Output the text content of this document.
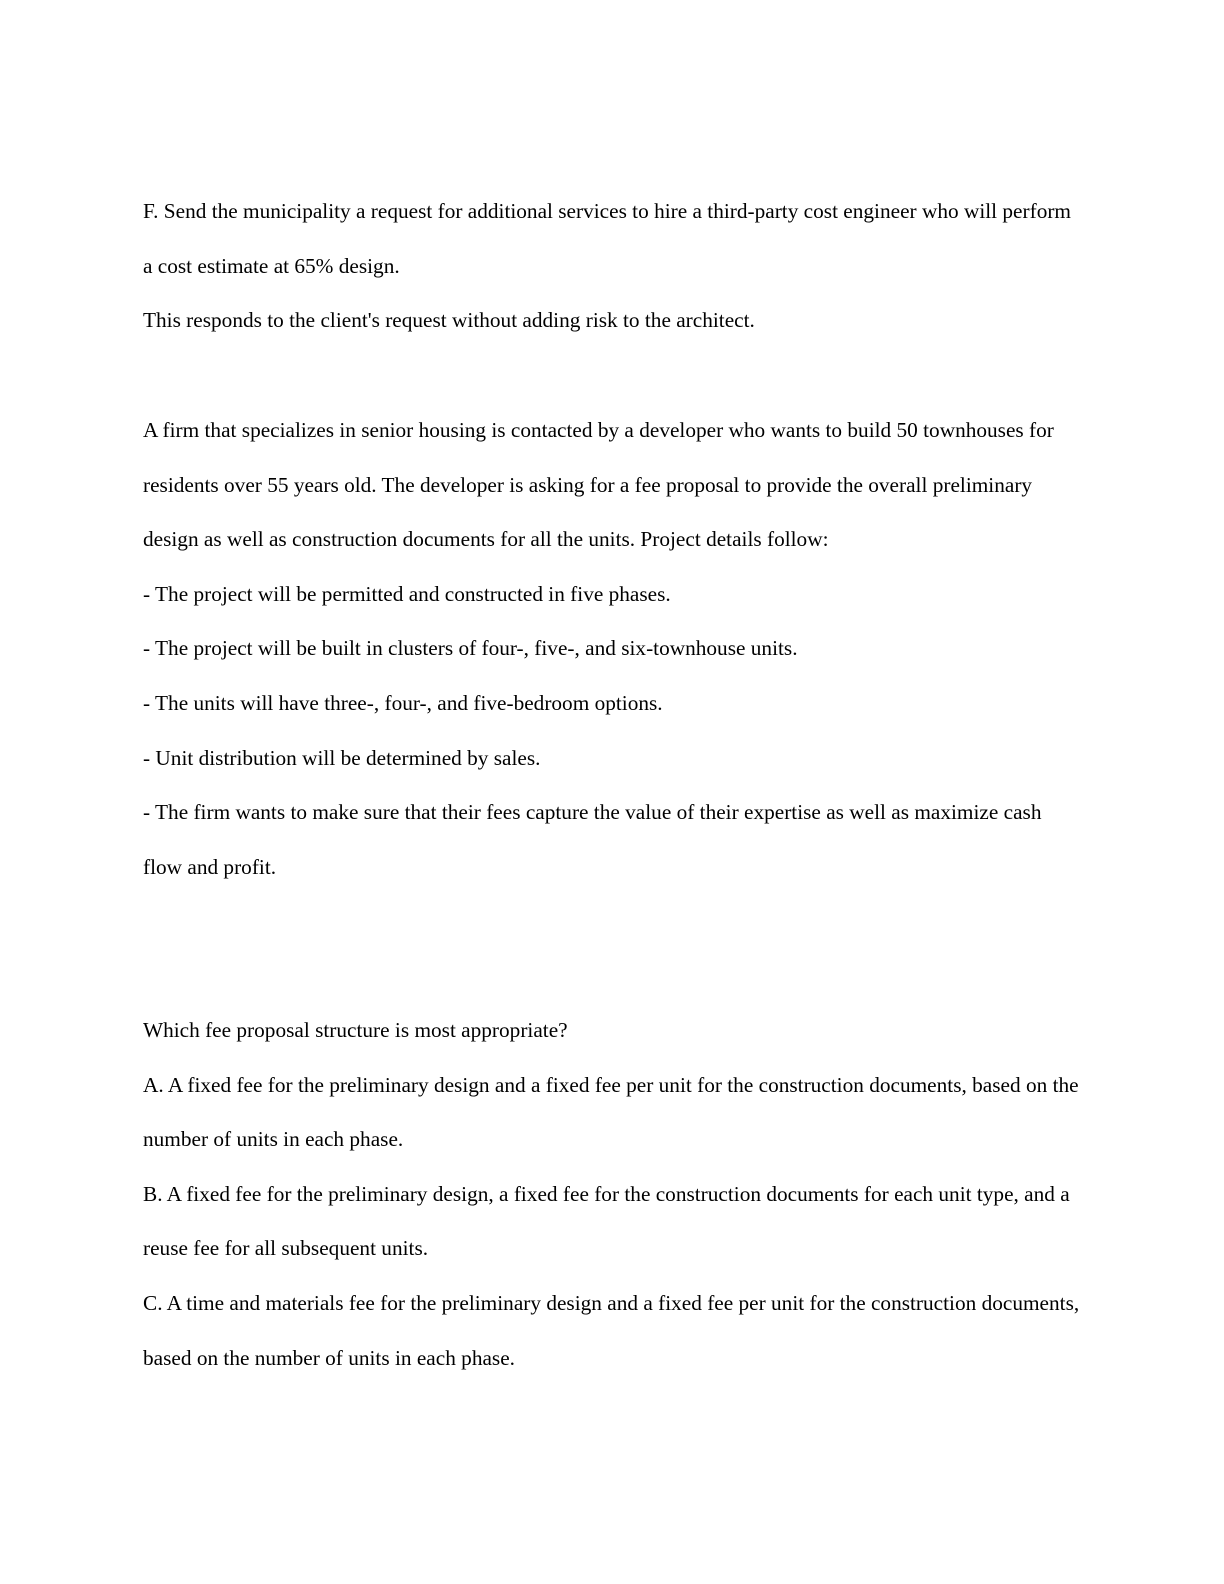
F. Send the municipality a request for additional services to hire a third-party cost engineer who will perform a cost estimate at 65% design.

This responds to the client's request without adding risk to the architect.

A firm that specializes in senior housing is contacted by a developer who wants to build 50 townhouses for residents over 55 years old. The developer is asking for a fee proposal to provide the overall preliminary design as well as construction documents for all the units. Project details follow:

- The project will be permitted and constructed in five phases.

- The project will be built in clusters of four-, five-, and six-townhouse units.

- The units will have three-, four-, and five-bedroom options.

- Unit distribution will be determined by sales.

- The firm wants to make sure that their fees capture the value of their expertise as well as maximize cash flow and profit.

Which fee proposal structure is most appropriate?

A. A fixed fee for the preliminary design and a fixed fee per unit for the construction documents, based on the number of units in each phase.

B. A fixed fee for the preliminary design, a fixed fee for the construction documents for each unit type, and a reuse fee for all subsequent units.

C. A time and materials fee for the preliminary design and a fixed fee per unit for the construction documents, based on the number of units in each phase.
